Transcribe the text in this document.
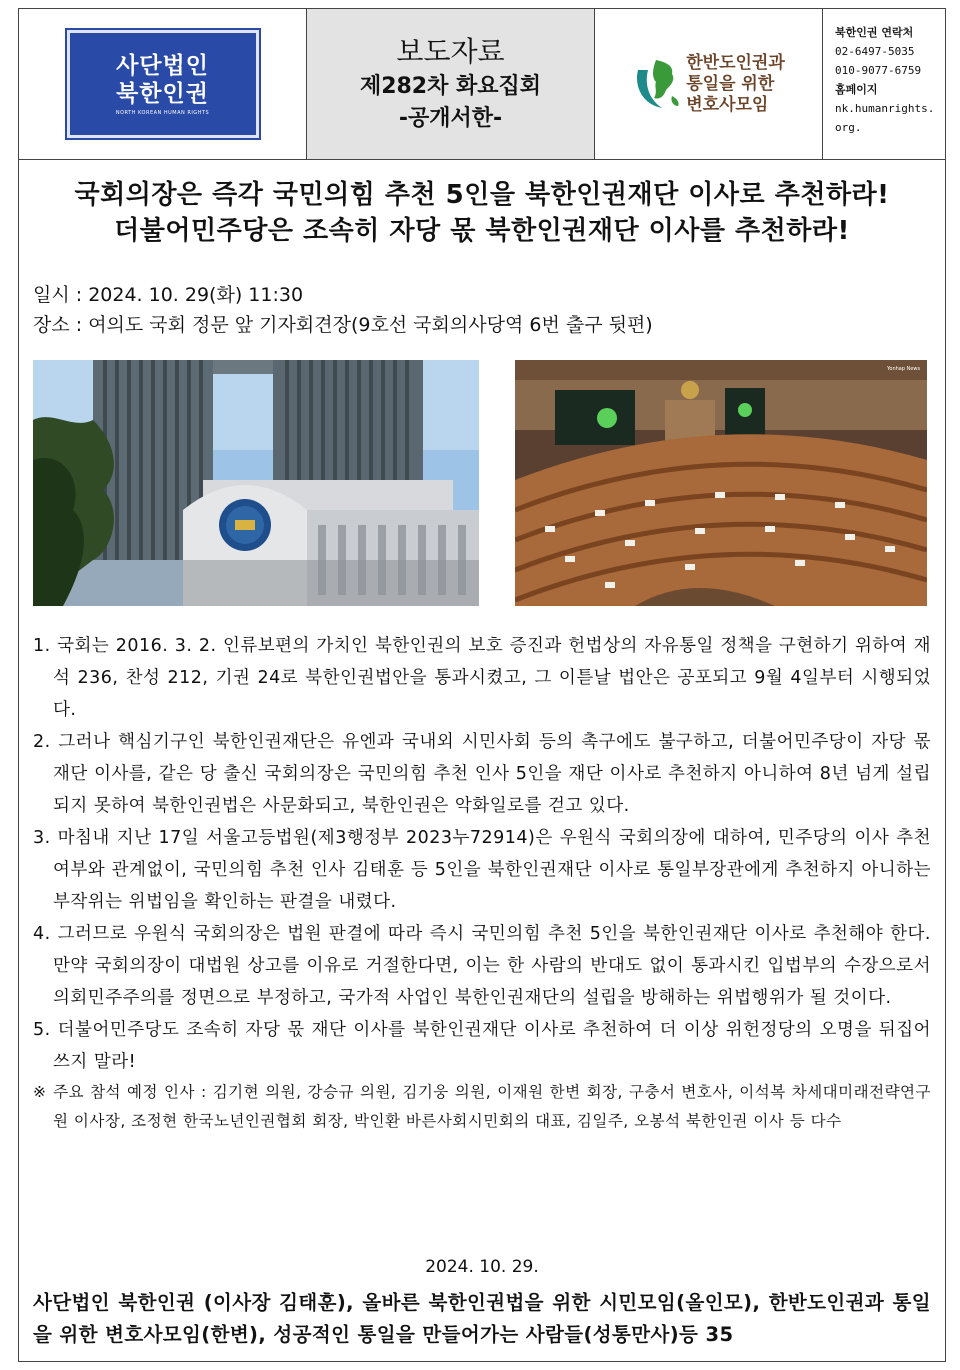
사단법인
북한인권
NORTH KOREAN HUMAN RIGHTS
보도자료
제282차 화요집회
-공개서한-
한반도인권과
통일을 위한
변호사모임
북한인권 연락처
02-6497-5035
010-9077-6759
홈페이지
nk.humanrights.
org.
국회의장은 즉각 국민의힘 추천 5인을 북한인권재단 이사로 추천하라!
더불어민주당은 조속히 자당 몫 북한인권재단 이사를 추천하라!
일시 : 2024. 10. 29(화) 11:30
장소 : 여의도 국회 정문 앞 기자회견장(9호선 국회의사당역 6번 출구 뒷편)
Yonhap News

1. 국회는 2016. 3. 2. 인류보편의 가치인 북한인권의 보호 증진과 헌법상의 자유통일 정책을 구현하기 위하여 재석 236, 찬성 212, 기권 24로 북한인권법안을 통과시켰고, 그 이튿날 법안은 공포되고 9월 4일부터 시행되었다.

2. 그러나 핵심기구인 북한인권재단은 유엔과 국내외 시민사회 등의 촉구에도 불구하고, 더불어민주당이 자당 몫 재단 이사를, 같은 당 출신 국회의장은 국민의힘 추천 인사 5인을 재단 이사로 추천하지 아니하여 8년 넘게 설립되지 못하여 북한인권법은 사문화되고, 북한인권은 악화일로를 걷고 있다.

3. 마침내 지난 17일 서울고등법원(제3행정부 2023누72914)은 우원식 국회의장에 대하여, 민주당의 이사 추천 여부와 관계없이, 국민의힘 추천 인사 김태훈 등 5인을 북한인권재단 이사로 통일부장관에게 추천하지 아니하는 부작위는 위법임을 확인하는 판결을 내렸다.

4. 그러므로 우원식 국회의장은 법원 판결에 따라 즉시 국민의힘 추천 5인을 북한인권재단 이사로 추천해야 한다. 만약 국회의장이 대법원 상고를 이유로 거절한다면, 이는 한 사람의 반대도 없이 통과시킨 입법부의 수장으로서 의회민주주의를 정면으로 부정하고, 국가적 사업인 북한인권재단의 설립을 방해하는 위법행위가 될 것이다.

5. 더불어민주당도 조속히 자당 몫 재단 이사를 북한인권재단 이사로 추천하여 더 이상 위헌정당의 오명을 뒤집어쓰지 말라!

※ 주요 참석 예정 인사 : 김기현 의원, 강승규 의원, 김기웅 의원, 이재원 한변 회장, 구충서 변호사, 이석복 차세대미래전략연구원 이사장, 조정현 한국노년인권협회 회장, 박인환 바른사회시민회의 대표, 김일주, 오봉석 북한인권 이사 등 다수

2024. 10. 29.
사단법인 북한인권 (이사장 김태훈), 올바른 북한인권법을 위한 시민모임(올인모), 한반도인권과 통일을 위한 변호사모임(한변), 성공적인 통일을 만들어가는 사람들(성통만사)등 35
